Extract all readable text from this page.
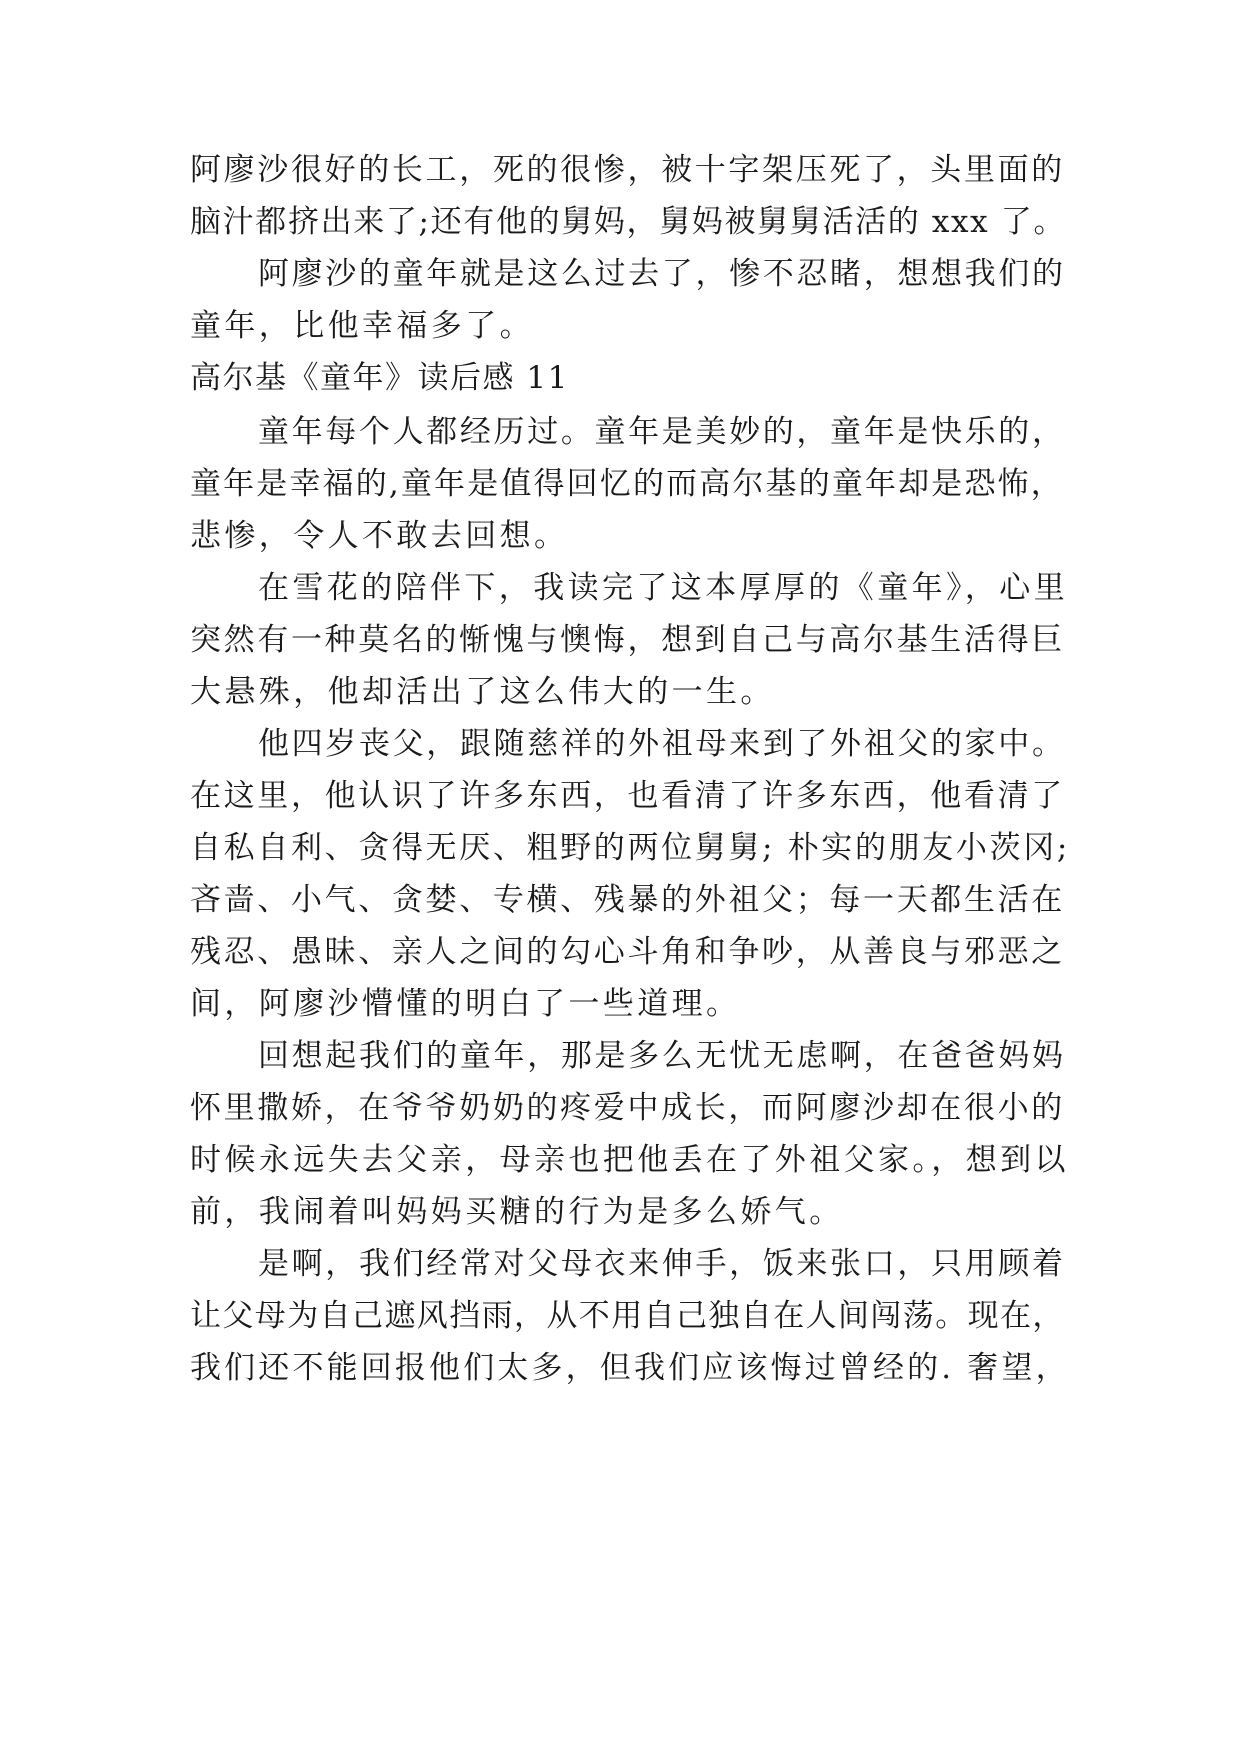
阿廖沙很好的长工，死的很惨，被十字架压死了，头里面的
脑汁都挤出来了;还有他的舅妈，舅妈被舅舅活活的 xxx 了。
阿廖沙的童年就是这么过去了，惨不忍睹，想想我们的
童年，比他幸福多了。
高尔基《童年》读后感 11
童年每个人都经历过。童年是美妙的，童年是快乐的，
童年是幸福的,童年是值得回忆的而高尔基的童年却是恐怖，
悲惨，令人不敢去回想。
在雪花的陪伴下，我读完了这本厚厚的《童年》，心里
突然有一种莫名的惭愧与懊悔，想到自己与高尔基生活得巨
大悬殊，他却活出了这么伟大的一生。
他四岁丧父，跟随慈祥的外祖母来到了外祖父的家中。
在这里，他认识了许多东西，也看清了许多东西，他看清了
自私自利、贪得无厌、粗野的两位舅舅; 朴实的朋友小茨冈;
吝啬、小气、贪婪、专横、残暴的外祖父；每一天都生活在
残忍、愚昧、亲人之间的勾心斗角和争吵，从善良与邪恶之
间，阿廖沙懵懂的明白了一些道理。
回想起我们的童年，那是多么无忧无虑啊，在爸爸妈妈
怀里撒娇，在爷爷奶奶的疼爱中成长，而阿廖沙却在很小的
时候永远失去父亲，母亲也把他丢在了外祖父家。，想到以
前，我闹着叫妈妈买糖的行为是多么娇气。
是啊，我们经常对父母衣来伸手，饭来张口，只用顾着
让父母为自己遮风挡雨，从不用自己独自在人间闯荡。现在，
我们还不能回报他们太多，但我们应该悔过曾经的. 奢望，
